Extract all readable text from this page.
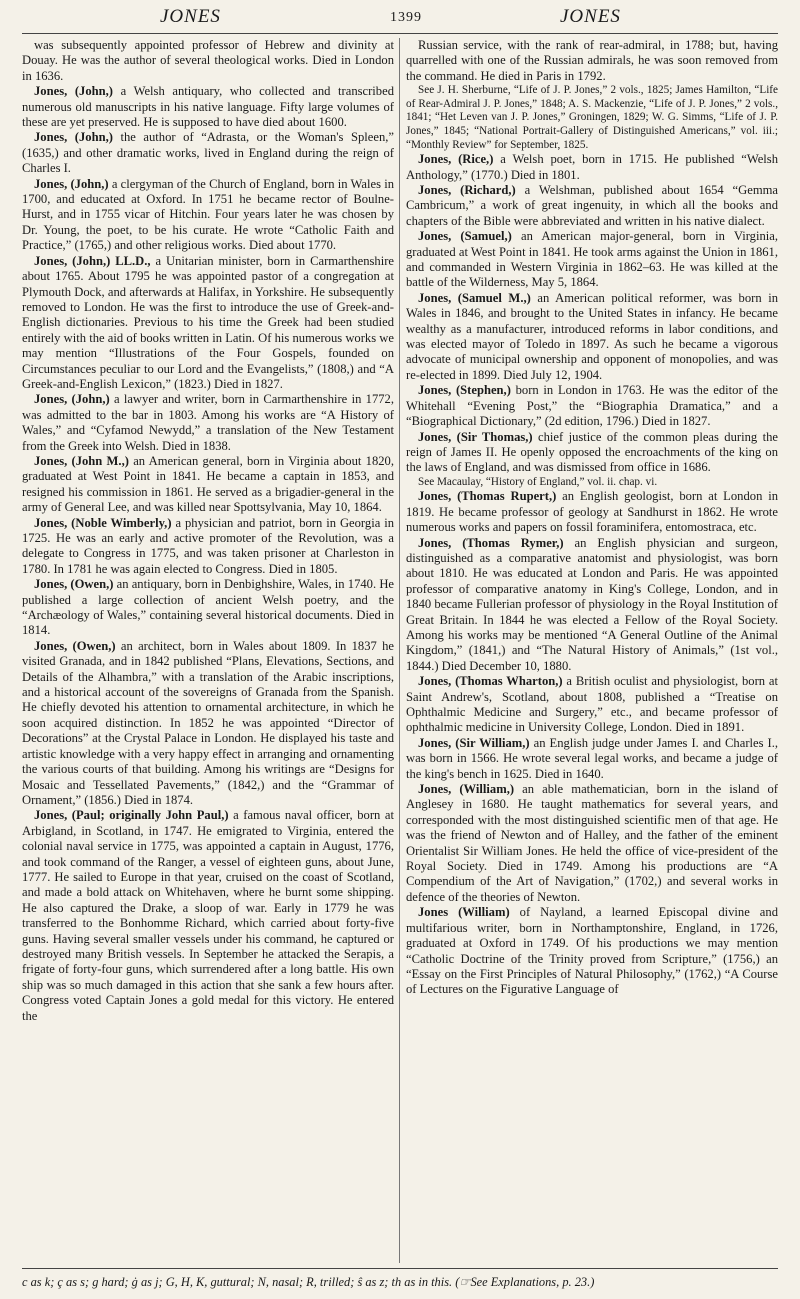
JONES	1399	JONES

was subsequently appointed professor of Hebrew and divinity at Douay. He was the author of several theological works. Died in London in 1636.

Jones, (John,) a Welsh antiquary, who collected and transcribed numerous old manuscripts in his native language. Fifty large volumes of these are yet preserved. He is supposed to have died about 1600.

Jones, (John,) the author of “Adrasta, or the Woman's Spleen,” (1635,) and other dramatic works, lived in England during the reign of Charles I.

Jones, (John,) a clergyman of the Church of England, born in Wales in 1700, and educated at Oxford. In 1751 he became rector of Boulne-Hurst, and in 1755 vicar of Hitchin. Four years later he was chosen by Dr. Young, the poet, to be his curate. He wrote “Catholic Faith and Practice,” (1765,) and other religious works. Died about 1770.

Jones, (John,) LL.D., a Unitarian minister, born in Carmarthenshire about 1765. About 1795 he was appointed pastor of a congregation at Plymouth Dock, and afterwards at Halifax, in Yorkshire. He subsequently removed to London. He was the first to introduce the use of Greek-and-English dictionaries. Previous to his time the Greek had been studied entirely with the aid of books written in Latin. Of his numerous works we may mention “Illustrations of the Four Gospels, founded on Circumstances peculiar to our Lord and the Evangelists,” (1808,) and “A Greek-and-English Lexicon,” (1823.) Died in 1827.

Jones, (John,) a lawyer and writer, born in Carmarthenshire in 1772, was admitted to the bar in 1803. Among his works are “A History of Wales,” and “Cyfamod Newydd,” a translation of the New Testament from the Greek into Welsh. Died in 1838.

Jones, (John M.,) an American general, born in Virginia about 1820, graduated at West Point in 1841. He became a captain in 1853, and resigned his commission in 1861. He served as a brigadier-general in the army of General Lee, and was killed near Spottsylvania, May 10, 1864.

Jones, (Noble Wimberly,) a physician and patriot, born in Georgia in 1725. He was an early and active promoter of the Revolution, was a delegate to Congress in 1775, and was taken prisoner at Charleston in 1780. In 1781 he was again elected to Congress. Died in 1805.

Jones, (Owen,) an antiquary, born in Denbighshire, Wales, in 1740. He published a large collection of ancient Welsh poetry, and the “Archæology of Wales,” containing several historical documents. Died in 1814.

Jones, (Owen,) an architect, born in Wales about 1809. In 1837 he visited Granada, and in 1842 published “Plans, Elevations, Sections, and Details of the Alhambra,” with a translation of the Arabic inscriptions, and a historical account of the sovereigns of Granada from the Spanish. He chiefly devoted his attention to ornamental architecture, in which he soon acquired distinction. In 1852 he was appointed “Director of Decorations” at the Crystal Palace in London. He displayed his taste and artistic knowledge with a very happy effect in arranging and ornamenting the various courts of that building. Among his writings are “Designs for Mosaic and Tessellated Pavements,” (1842,) and the “Grammar of Ornament,” (1856.) Died in 1874.

Jones, (Paul; originally John Paul,) a famous naval officer, born at Arbigland, in Scotland, in 1747. He emigrated to Virginia, entered the colonial naval service in 1775, was appointed a captain in August, 1776, and took command of the Ranger, a vessel of eighteen guns, about June, 1777. He sailed to Europe in that year, cruised on the coast of Scotland, and made a bold attack on Whitehaven, where he burnt some shipping. He also captured the Drake, a sloop of war. Early in 1779 he was transferred to the Bonhomme Richard, which carried about forty-five guns. Having several smaller vessels under his command, he captured or destroyed many British vessels. In September he attacked the Serapis, a frigate of forty-four guns, which surrendered after a long battle. His own ship was so much damaged in this action that she sank a few hours after. Congress voted Captain Jones a gold medal for this victory. He entered the

Russian service, with the rank of rear-admiral, in 1788; but, having quarrelled with one of the Russian admirals, he was soon removed from the command. He died in Paris in 1792.

See J. H. Sherburne, “Life of J. P. Jones,” 2 vols., 1825; James Hamilton, “Life of Rear-Admiral J. P. Jones,” 1848; A. S. Mackenzie, “Life of J. P. Jones,” 2 vols., 1841; “Het Leven van J. P. Jones,” Groningen, 1829; W. G. Simms, “Life of J. P. Jones,” 1845; “National Portrait-Gallery of Distinguished Americans,” vol. iii.; “Monthly Review” for September, 1825.

Jones, (Rice,) a Welsh poet, born in 1715. He published “Welsh Anthology,” (1770.) Died in 1801.

Jones, (Richard,) a Welshman, published about 1654 “Gemma Cambricum,” a work of great ingenuity, in which all the books and chapters of the Bible were abbreviated and written in his native dialect.

Jones, (Samuel,) an American major-general, born in Virginia, graduated at West Point in 1841. He took arms against the Union in 1861, and commanded in Western Virginia in 1862–63. He was killed at the battle of the Wilderness, May 5, 1864.

Jones, (Samuel M.,) an American political reformer, was born in Wales in 1846, and brought to the United States in infancy. He became wealthy as a manufacturer, introduced reforms in labor conditions, and was elected mayor of Toledo in 1897. As such he became a vigorous advocate of municipal ownership and opponent of monopolies, and was re-elected in 1899. Died July 12, 1904.

Jones, (Stephen,) born in London in 1763. He was the editor of the Whitehall “Evening Post,” the “Biographia Dramatica,” and a “Biographical Dictionary,” (2d edition, 1796.) Died in 1827.

Jones, (Sir Thomas,) chief justice of the common pleas during the reign of James II. He openly opposed the encroachments of the king on the laws of England, and was dismissed from office in 1686.

See Macaulay, “History of England,” vol. ii. chap. vi.

Jones, (Thomas Rupert,) an English geologist, born at London in 1819. He became professor of geology at Sandhurst in 1862. He wrote numerous works and papers on fossil foraminifera, entomostraca, etc.

Jones, (Thomas Rymer,) an English physician and surgeon, distinguished as a comparative anatomist and physiologist, was born about 1810. He was educated at London and Paris. He was appointed professor of comparative anatomy in King's College, London, and in 1840 became Fullerian professor of physiology in the Royal Institution of Great Britain. In 1844 he was elected a Fellow of the Royal Society. Among his works may be mentioned “A General Outline of the Animal Kingdom,” (1841,) and “The Natural History of Animals,” (1st vol., 1844.) Died December 10, 1880.

Jones, (Thomas Wharton,) a British oculist and physiologist, born at Saint Andrew's, Scotland, about 1808, published a “Treatise on Ophthalmic Medicine and Surgery,” etc., and became professor of ophthalmic medicine in University College, London. Died in 1891.

Jones, (Sir William,) an English judge under James I. and Charles I., was born in 1566. He wrote several legal works, and became a judge of the king's bench in 1625. Died in 1640.

Jones, (William,) an able mathematician, born in the island of Anglesey in 1680. He taught mathematics for several years, and corresponded with the most distinguished scientific men of that age. He was the friend of Newton and of Halley, and the father of the eminent Orientalist Sir William Jones. He held the office of vice-president of the Royal Society. Died in 1749. Among his productions are “A Compendium of the Art of Navigation,” (1702,) and several works in defence of the theories of Newton.

Jones (William) of Nayland, a learned Episcopal divine and multifarious writer, born in Northamptonshire, England, in 1726, graduated at Oxford in 1749. Of his productions we may mention “Catholic Doctrine of the Trinity proved from Scripture,” (1756,) an “Essay on the First Principles of Natural Philosophy,” (1762,) “A Course of Lectures on the Figurative Language of

c as k; ç as s; g hard; ġ as j; G, H, K, guttural; N, nasal; R, trilled; ŝ as z; th as in this. (☞See Explanations, p. 23.)
